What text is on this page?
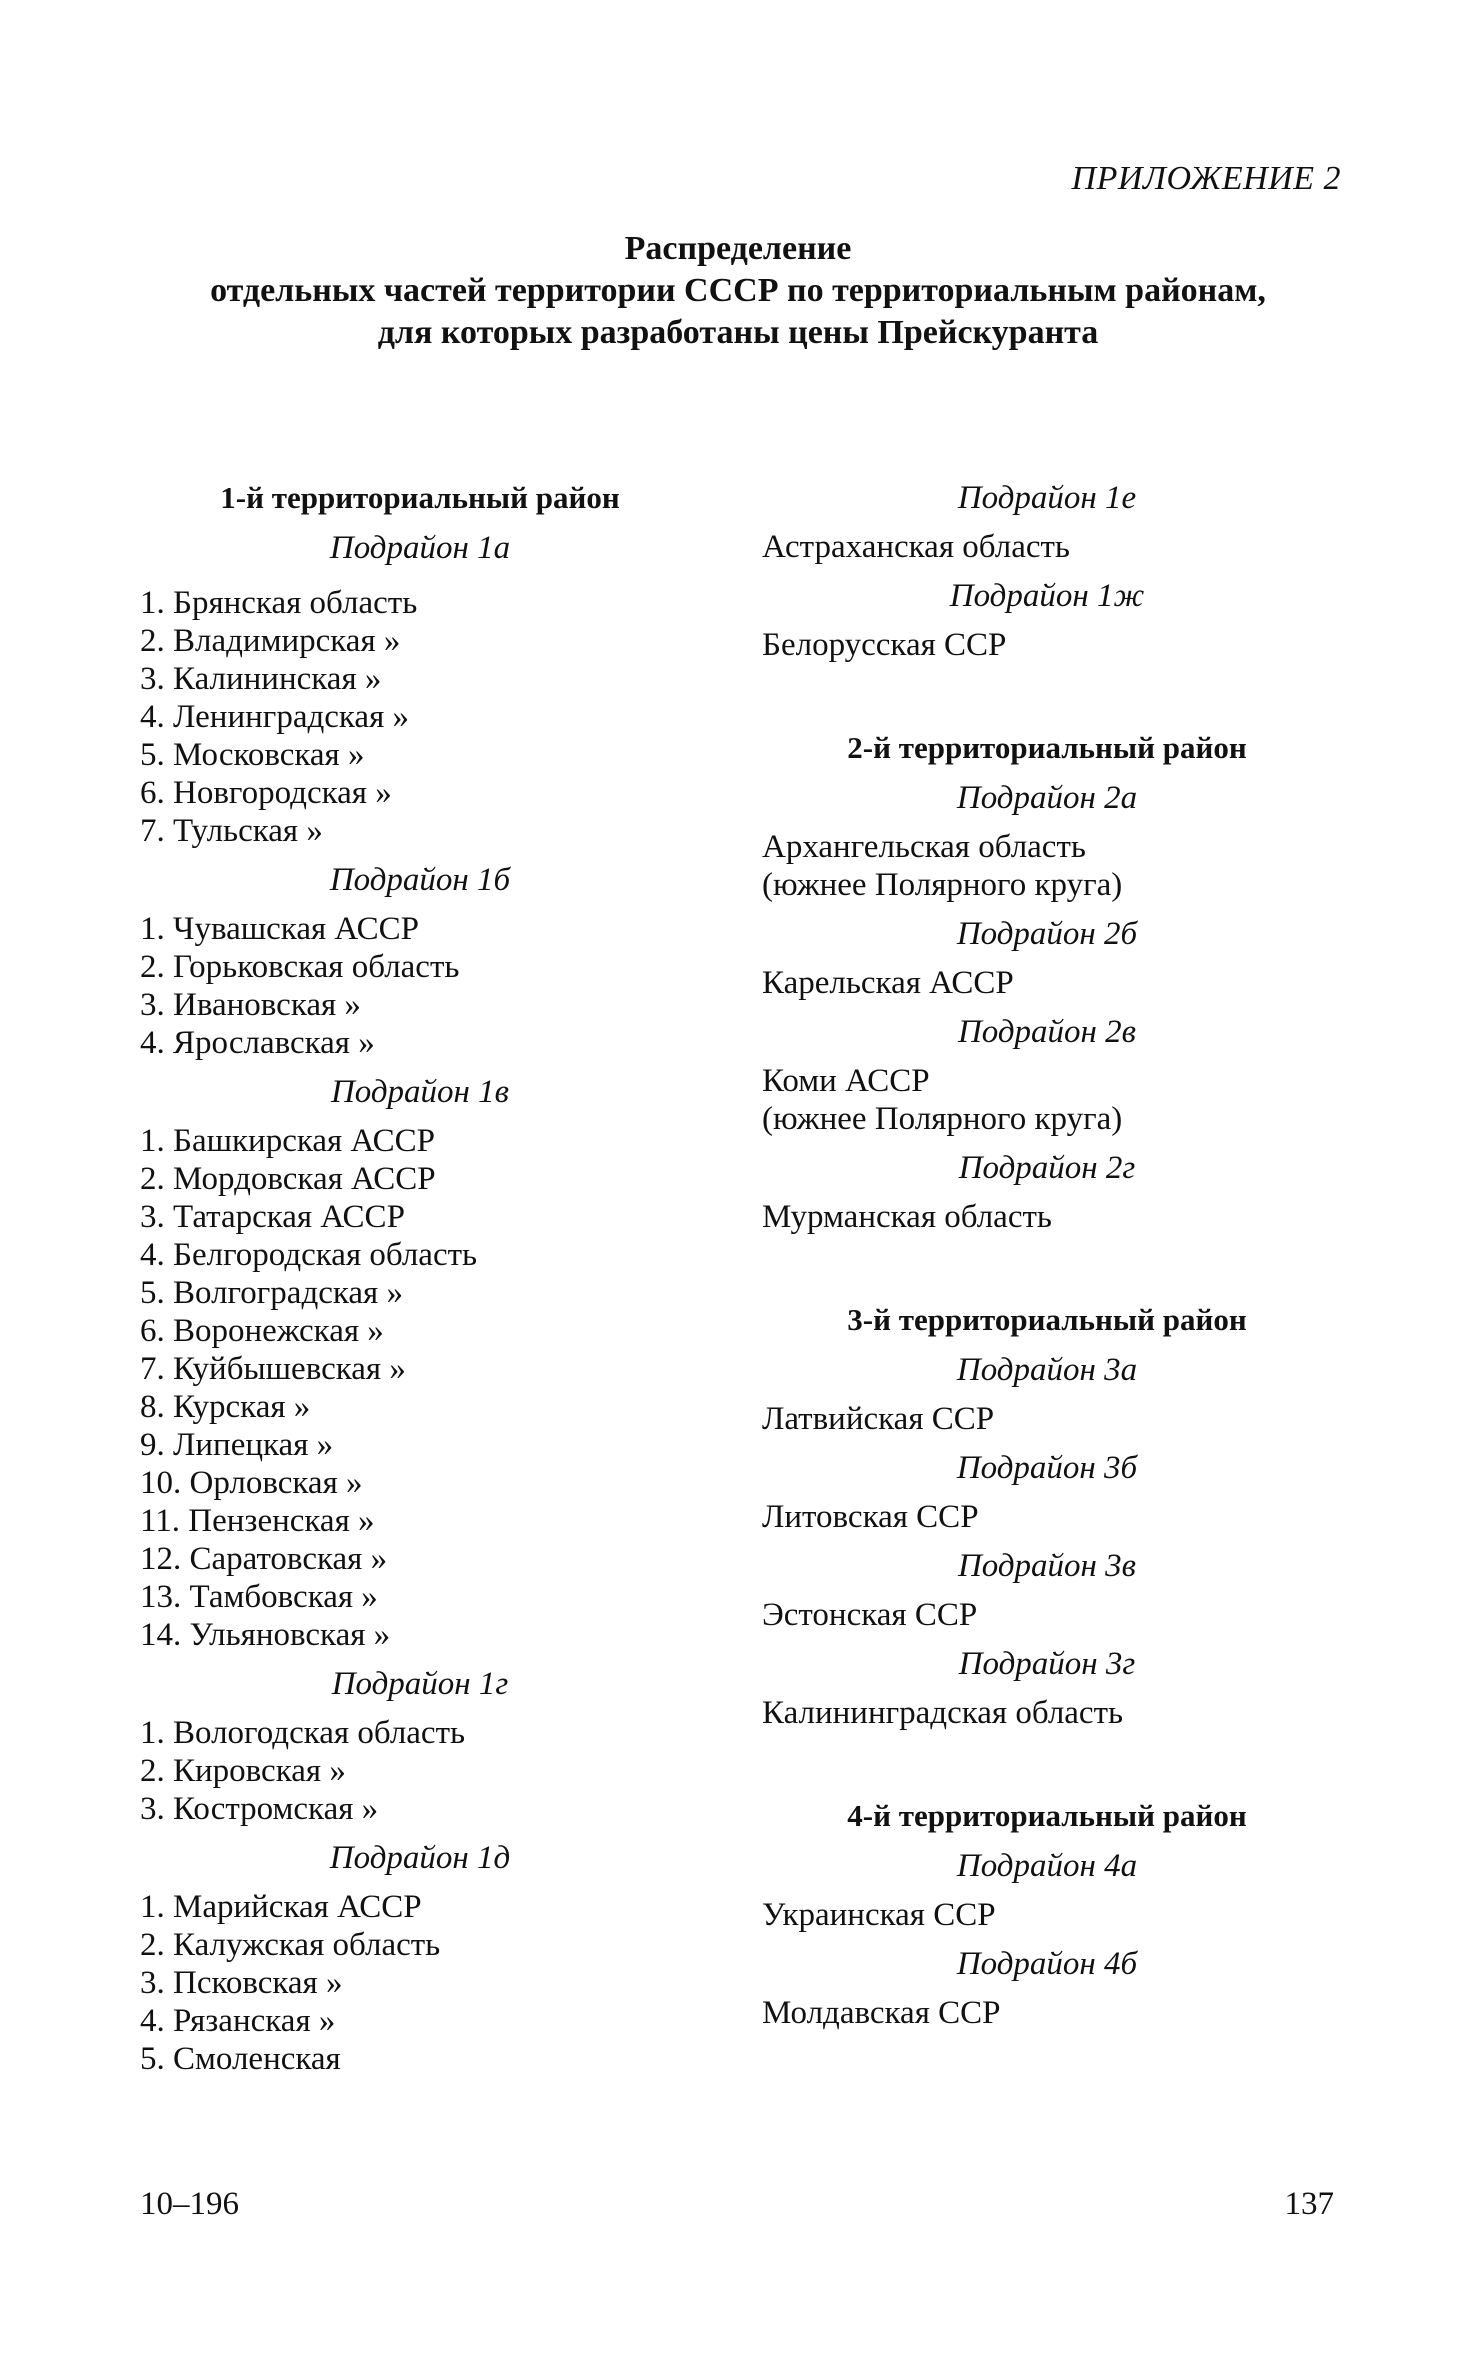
ПРИЛОЖЕНИЕ 2
Распределение
отдельных частей территории СССР по территориальным районам,
для которых разработаны цены Прейскуранта
1-й территориальный район
Подрайон 1а
1. Брянская область
2. Владимирская »
3. Калининская »
4. Ленинградская »
5. Московская »
6. Новгородская »
7. Тульская »
Подрайон 1б
1. Чувашская АССР
2. Горьковская область
3. Ивановская »
4. Ярославская »
Подрайон 1в
1. Башкирская АССР
2. Мордовская АССР
3. Татарская АССР
4. Белгородская область
5. Волгоградская »
6. Воронежская »
7. Куйбышевская »
8. Курская »
9. Липецкая »
10. Орловская »
11. Пензенская »
12. Саратовская »
13. Тамбовская »
14. Ульяновская »
Подрайон 1г
1. Вологодская область
2. Кировская »
3. Костромская »
Подрайон 1д
1. Марийская АССР
2. Калужская область
3. Псковская »
4. Рязанская »
5. Смоленская
Подрайон 1е
Астраханская область
Подрайон 1ж
Белорусская ССР
2-й территориальный район
Подрайон 2а
Архангельская область
(южнее Полярного круга)
Подрайон 2б
Карельская АССР
Подрайон 2в
Коми АССР
(южнее Полярного круга)
Подрайон 2г
Мурманская область
3-й территориальный район
Подрайон 3а
Латвийская ССР
Подрайон 3б
Литовская ССР
Подрайон 3в
Эстонская ССР
Подрайон 3г
Калининградская область
4-й территориальный район
Подрайон 4а
Украинская ССР
Подрайон 4б
Молдавская ССР
10–196	137
